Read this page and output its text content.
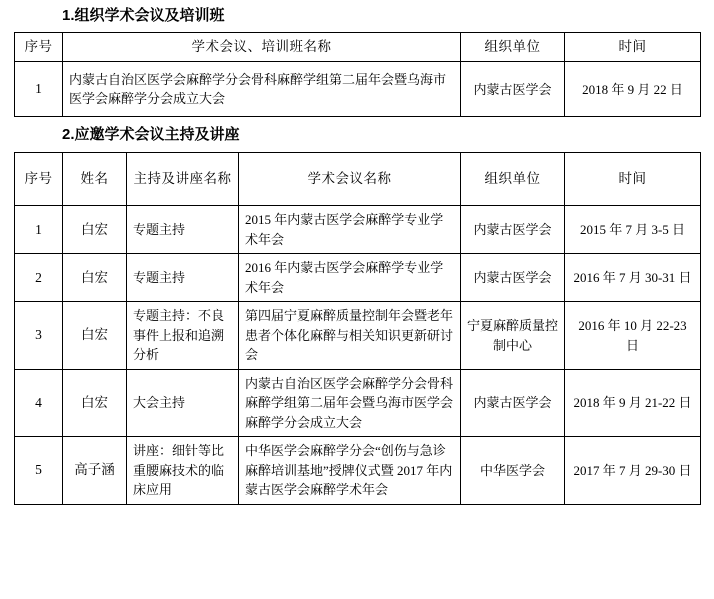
1.组织学术会议及培训班
序号	学术会议、培训班名称	组织单位	时间
1	内蒙古自治区医学会麻醉学分会骨科麻醉学组第二届年会暨乌海市医学会麻醉学分会成立大会	内蒙古医学会	2018 年 9 月 22 日
2.应邀学术会议主持及讲座
序号	姓名	主持及讲座名称	学术会议名称	组织单位	时间
1	白宏	专题主持	2015 年内蒙古医学会麻醉学专业学术年会	内蒙古医学会	2015 年 7 月 3-5 日
2	白宏	专题主持	2016 年内蒙古医学会麻醉学专业学术年会	内蒙古医学会	2016 年 7 月 30-31 日
3	白宏	专题主持：不良事件上报和追溯分析	第四届宁夏麻醉质量控制年会暨老年患者个体化麻醉与相关知识更新研讨会	宁夏麻醉质量控制中心	2016 年 10 月 22-23 日
4	白宏	大会主持	内蒙古自治区医学会麻醉学分会骨科麻醉学组第二届年会暨乌海市医学会麻醉学分会成立大会	内蒙古医学会	2018 年 9 月 21-22 日
5	高子涵	讲座：细针等比重腰麻技术的临床应用	中华医学会麻醉学分会“创伤与急诊麻醉培训基地”授牌仪式暨 2017 年内蒙古医学会麻醉学术年会	中华医学会	2017 年 7 月 29-30 日
